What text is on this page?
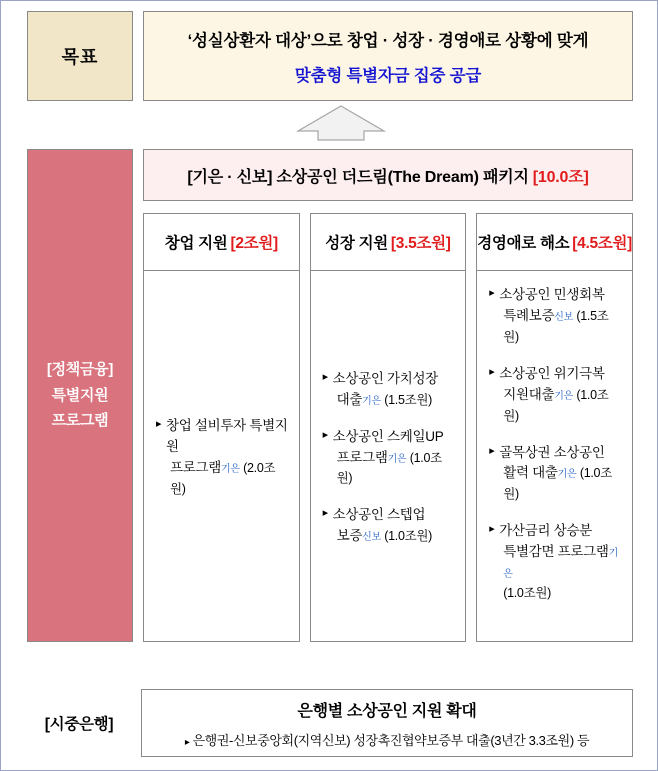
목표
‘성실상환자 대상’으로 창업 · 성장 · 경영애로 상황에 맞게
맞춤형 특별자금 집중 공급
[정책금융]
특별지원
프로그램
[기은 · 신보] 소상공인 더드림(The Dream) 패키지 [10.0조]
창업 지원 [2조원]
▸ 창업 설비투자 특별지원
프로그램기은 (2.0조원)
성장 지원 [3.5조원]
▸ 소상공인 가치성장
대출기은 (1.5조원)
▸ 소상공인 스케일UP
프로그램기은 (1.0조원)
▸ 소상공인 스텝업
보증신보 (1.0조원)
경영애로 해소 [4.5조원]
▸ 소상공인 민생회복
특례보증신보 (1.5조원)
▸ 소상공인 위기극복
지원대출기은 (1.0조원)
▸ 골목상권 소상공인
활력 대출기은 (1.0조원)
▸ 가산금리 상승분
특별감면 프로그램기은
(1.0조원)
[시중은행]
은행별 소상공인 지원 확대
▸ 은행권-신보중앙회(지역신보) 성장촉진협약보증부 대출(3년간 3.3조원) 등
